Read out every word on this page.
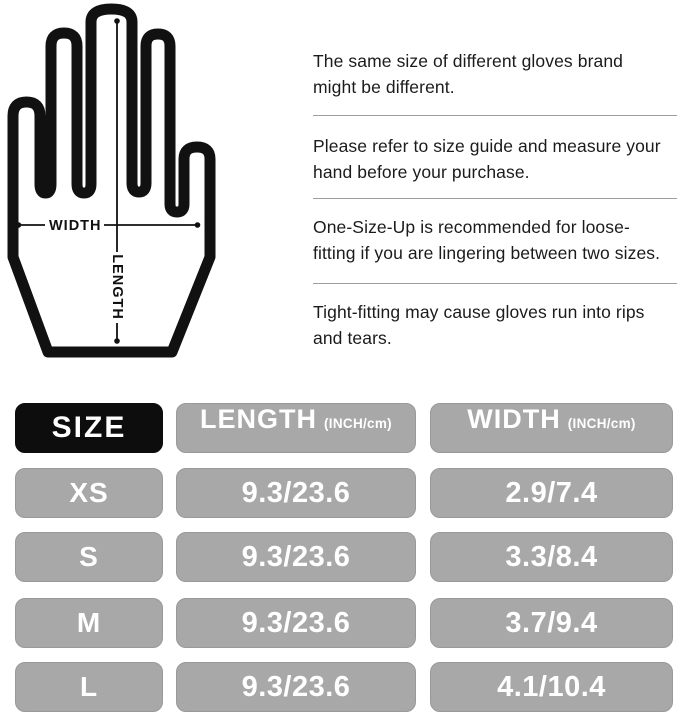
WIDTH
LENGTH

The same size of different gloves brand might be different.

Please refer to size guide and measure your hand before your purchase.

One-Size-Up is recommended for loose-fitting if you are lingering between two sizes.

Tight-fitting may cause gloves run into rips and tears.

SIZE	LENGTH (INCH/cm)	WIDTH (INCH/cm)
XS	9.3/23.6	2.9/7.4
S	9.3/23.6	3.3/8.4
M	9.3/23.6	3.7/9.4
L	9.3/23.6	4.1/10.4
